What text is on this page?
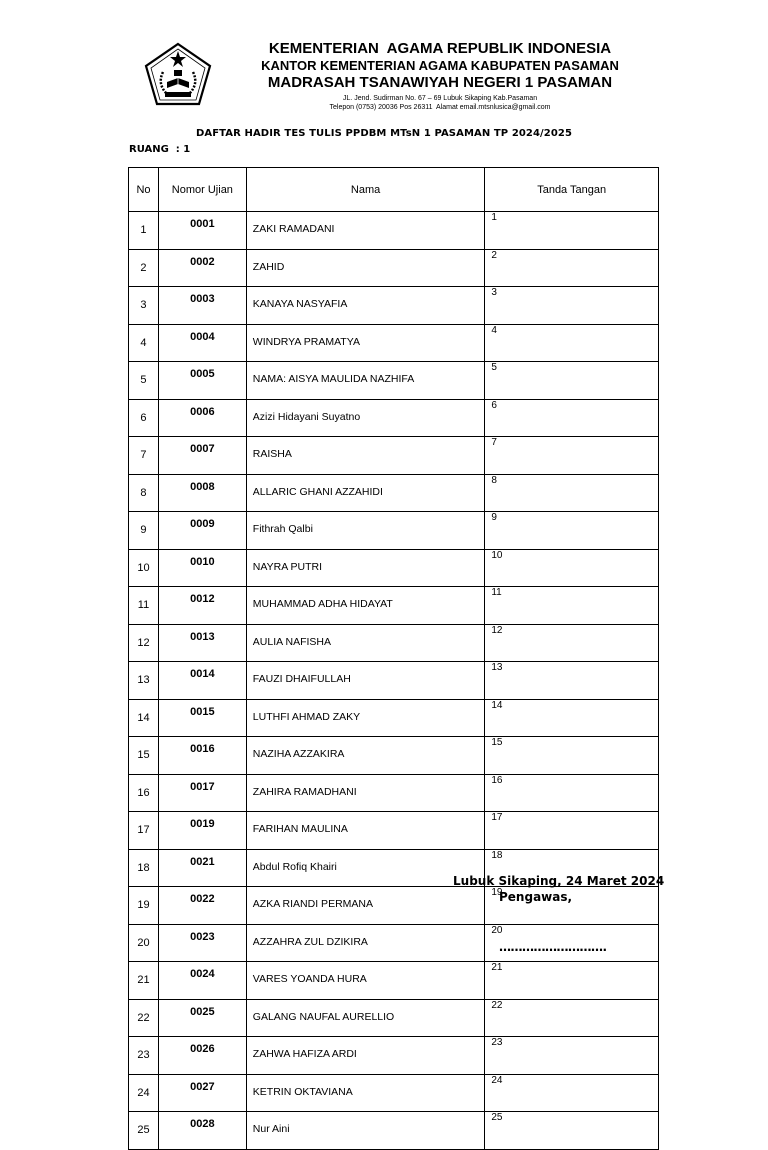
KEMENTERIAN  AGAMA REPUBLIK INDONESIA
KANTOR KEMENTERIAN AGAMA KABUPATEN PASAMAN
MADRASAH TSANAWIYAH NEGERI 1 PASAMAN
JL. Jend. Sudirman No. 67 – 69 Lubuk Sikaping Kab.Pasaman
Telepon (0753) 20036 Pos 26311  Alamat email.mtsnlusica@gmail.com
DAFTAR HADIR TES TULIS PPDBM MTsN 1 PASAMAN TP 2024/2025
RUANG  : 1
No	Nomor Ujian	Nama	Tanda Tangan
1	0001	ZAKI RAMADANI	1
2	0002	ZAHID	2
3	0003	KANAYA NASYAFIA	3
4	0004	WINDRYA PRAMATYA	4
5	0005	NAMA: AISYA MAULIDA NAZHIFA	5
6	0006	Azizi Hidayani Suyatno	6
7	0007	RAISHA	7
8	0008	ALLARIC GHANI AZZAHIDI	8
9	0009	Fithrah Qalbi	9
10	0010	NAYRA PUTRI	10
11	0012	MUHAMMAD ADHA HIDAYAT	11
12	0013	AULIA NAFISHA	12
13	0014	FAUZI DHAIFULLAH	13
14	0015	LUTHFI AHMAD ZAKY	14
15	0016	NAZIHA AZZAKIRA	15
16	0017	ZAHIRA RAMADHANI	16
17	0019	FARIHAN MAULINA	17
18	0021	Abdul Rofiq Khairi	18
19	0022	AZKA RIANDI PERMANA	19
20	0023	AZZAHRA ZUL DZIKIRA	20
21	0024	VARES YOANDA HURA	21
22	0025	GALANG NAUFAL AURELLIO	22
23	0026	ZAHWA HAFIZA ARDI	23
24	0027	KETRIN OKTAVIANA	24
25	0028	Nur Aini	25
Lubuk Sikaping, 24 Maret 2024
Pengawas,
……………………….
